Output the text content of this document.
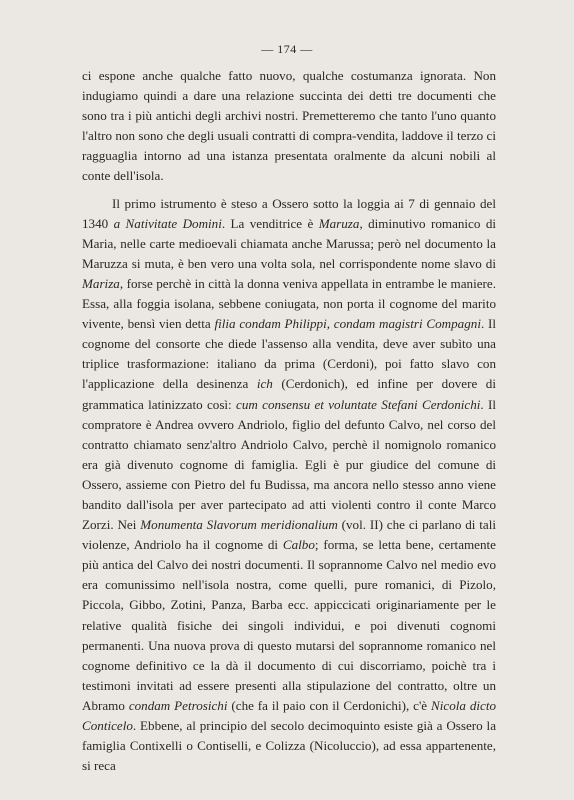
— 174 —

ci espone anche qualche fatto nuovo, qualche costumanza ignorata. Non indugiamo quindi a dare una relazione succinta dei detti tre documenti che sono tra i più antichi degli archivi nostri. Premetteremo che tanto l'uno quanto l'altro non sono che degli usuali contratti di compra-vendita, laddove il terzo ci ragguaglia intorno ad una istanza presentata oralmente da alcuni nobili al conte dell'isola.

Il primo istrumento è steso a Ossero sotto la loggia ai 7 di gennaio del 1340 a Nativitate Domini. La venditrice è Maruza, diminutivo romanico di Maria, nelle carte medioevali chiamata anche Marussa; però nel documento la Maruzza si muta, è ben vero una volta sola, nel corrispondente nome slavo di Mariza, forse perchè in città la donna veniva appellata in entrambe le maniere. Essa, alla foggia isolana, sebbene coniugata, non porta il cognome del marito vivente, bensì vien detta filia condam Philippi, condam magistri Compagni. Il cognome del consorte che diede l'assenso alla vendita, deve aver subìto una triplice trasformazione: italiano da prima (Cerdoni), poi fatto slavo con l'applicazione della desinenza ich (Cerdonich), ed infine per dovere di grammatica latinizzato così: cum consensu et voluntate Stefani Cerdonichi. Il compratore è Andrea ovvero Andriolo, figlio del defunto Calvo, nel corso del contratto chiamato senz'altro Andriolo Calvo, perchè il nomignolo romanico era già divenuto cognome di famiglia. Egli è pur giudice del comune di Ossero, assieme con Pietro del fu Budissa, ma ancora nello stesso anno viene bandito dall'isola per aver partecipato ad atti violenti contro il conte Marco Zorzi. Nei Monumenta Slavorum meridionalium (vol. II) che ci parlano di tali violenze, Andriolo ha il cognome di Calbo; forma, se letta bene, certamente più antica del Calvo dei nostri documenti. Il soprannome Calvo nel medio evo era comunissimo nell'isola nostra, come quelli, pure romanici, di Pizolo, Piccola, Gibbo, Zotini, Panza, Barba ecc. appiccicati originariamente per le relative qualità fisiche dei singoli individui, e poi divenuti cognomi permanenti. Una nuova prova di questo mutarsi del soprannome romanico nel cognome definitivo ce la dà il documento di cui discorriamo, poichè tra i testimoni invitati ad essere presenti alla stipulazione del contratto, oltre un Abramo condam Petrosichi (che fa il paio con il Cerdonichi), c'è Nicola dicto Conticelo. Ebbene, al principio del secolo decimoquinto esiste già a Ossero la famiglia Contixelli o Contiselli, e Colizza (Nicoluccio), ad essa appartenente, si reca
